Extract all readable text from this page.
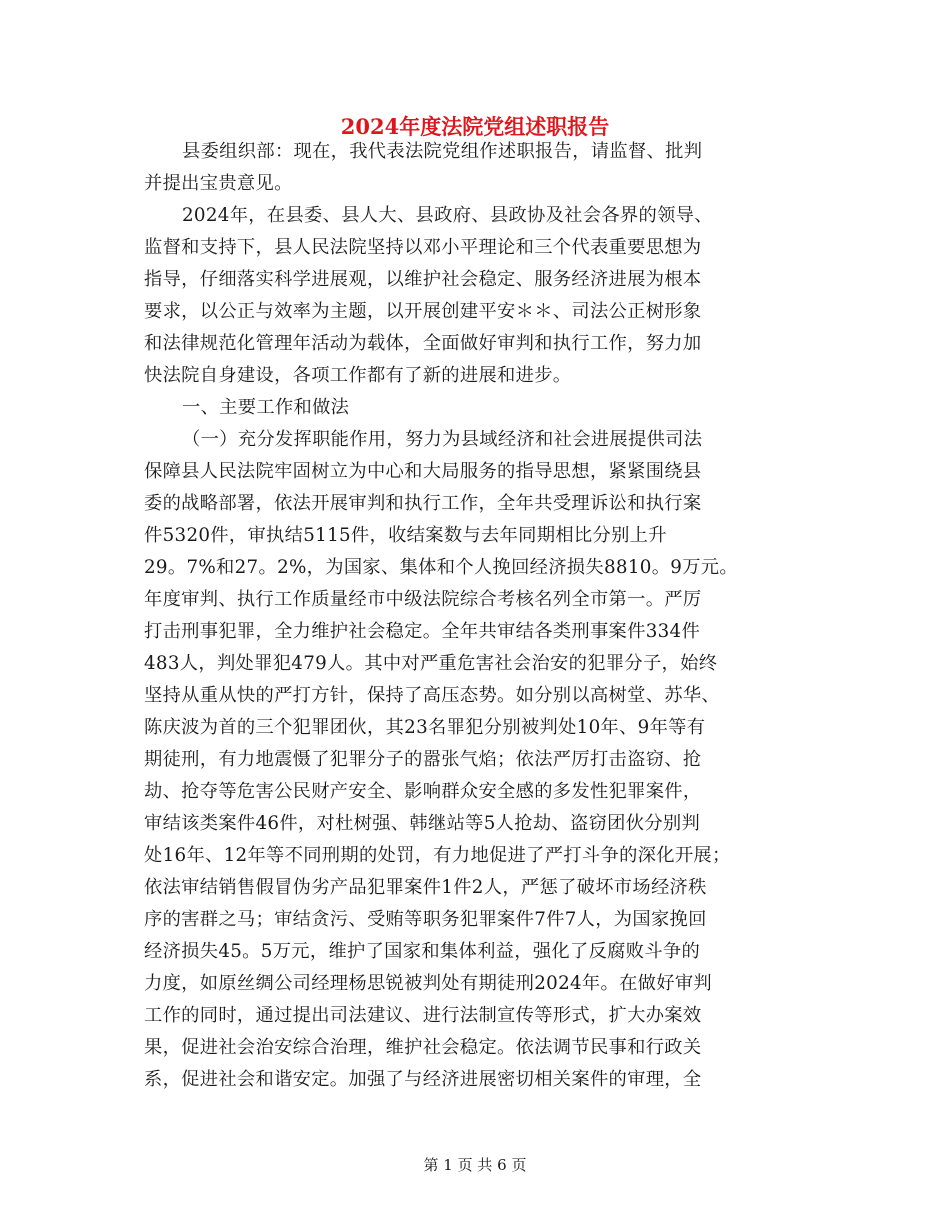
2024年度法院党组述职报告
县委组织部：现在，我代表法院党组作述职报告，请监督、批判
并提出宝贵意见。
2024年，在县委、县人大、县政府、县政协及社会各界的领导、
监督和支持下，县人民法院坚持以邓小平理论和三个代表重要思想为
指导，仔细落实科学进展观，以维护社会稳定、服务经济进展为根本
要求，以公正与效率为主题，以开展创建平安＊＊、司法公正树形象
和法律规范化管理年活动为载体，全面做好审判和执行工作，努力加
快法院自身建设，各项工作都有了新的进展和进步。
一、主要工作和做法
（一）充分发挥职能作用，努力为县域经济和社会进展提供司法
保障县人民法院牢固树立为中心和大局服务的指导思想，紧紧围绕县
委的战略部署，依法开展审判和执行工作，全年共受理诉讼和执行案
件5320件，审执结5115件，收结案数与去年同期相比分别上升
29。7%和27。2%，为国家、集体和个人挽回经济损失8810。9万元。
年度审判、执行工作质量经市中级法院综合考核名列全市第一。严厉
打击刑事犯罪，全力维护社会稳定。全年共审结各类刑事案件334件
483人，判处罪犯479人。其中对严重危害社会治安的犯罪分子，始终
坚持从重从快的严打方针，保持了高压态势。如分别以高树堂、苏华、
陈庆波为首的三个犯罪团伙，其23名罪犯分别被判处10年、9年等有
期徒刑，有力地震慑了犯罪分子的嚣张气焰；依法严厉打击盗窃、抢
劫、抢夺等危害公民财产安全、影响群众安全感的多发性犯罪案件，
审结该类案件46件，对杜树强、韩继站等5人抢劫、盗窃团伙分别判
处16年、12年等不同刑期的处罚，有力地促进了严打斗争的深化开展；
依法审结销售假冒伪劣产品犯罪案件1件2人，严惩了破坏市场经济秩
序的害群之马；审结贪污、受贿等职务犯罪案件7件7人，为国家挽回
经济损失45。5万元，维护了国家和集体利益，强化了反腐败斗争的
力度，如原丝绸公司经理杨思锐被判处有期徒刑2024年。在做好审判
工作的同时，通过提出司法建议、进行法制宣传等形式，扩大办案效
果，促进社会治安综合治理，维护社会稳定。依法调节民事和行政关
系，促进社会和谐安定。加强了与经济进展密切相关案件的审理，全
第 1 页 共 6 页
